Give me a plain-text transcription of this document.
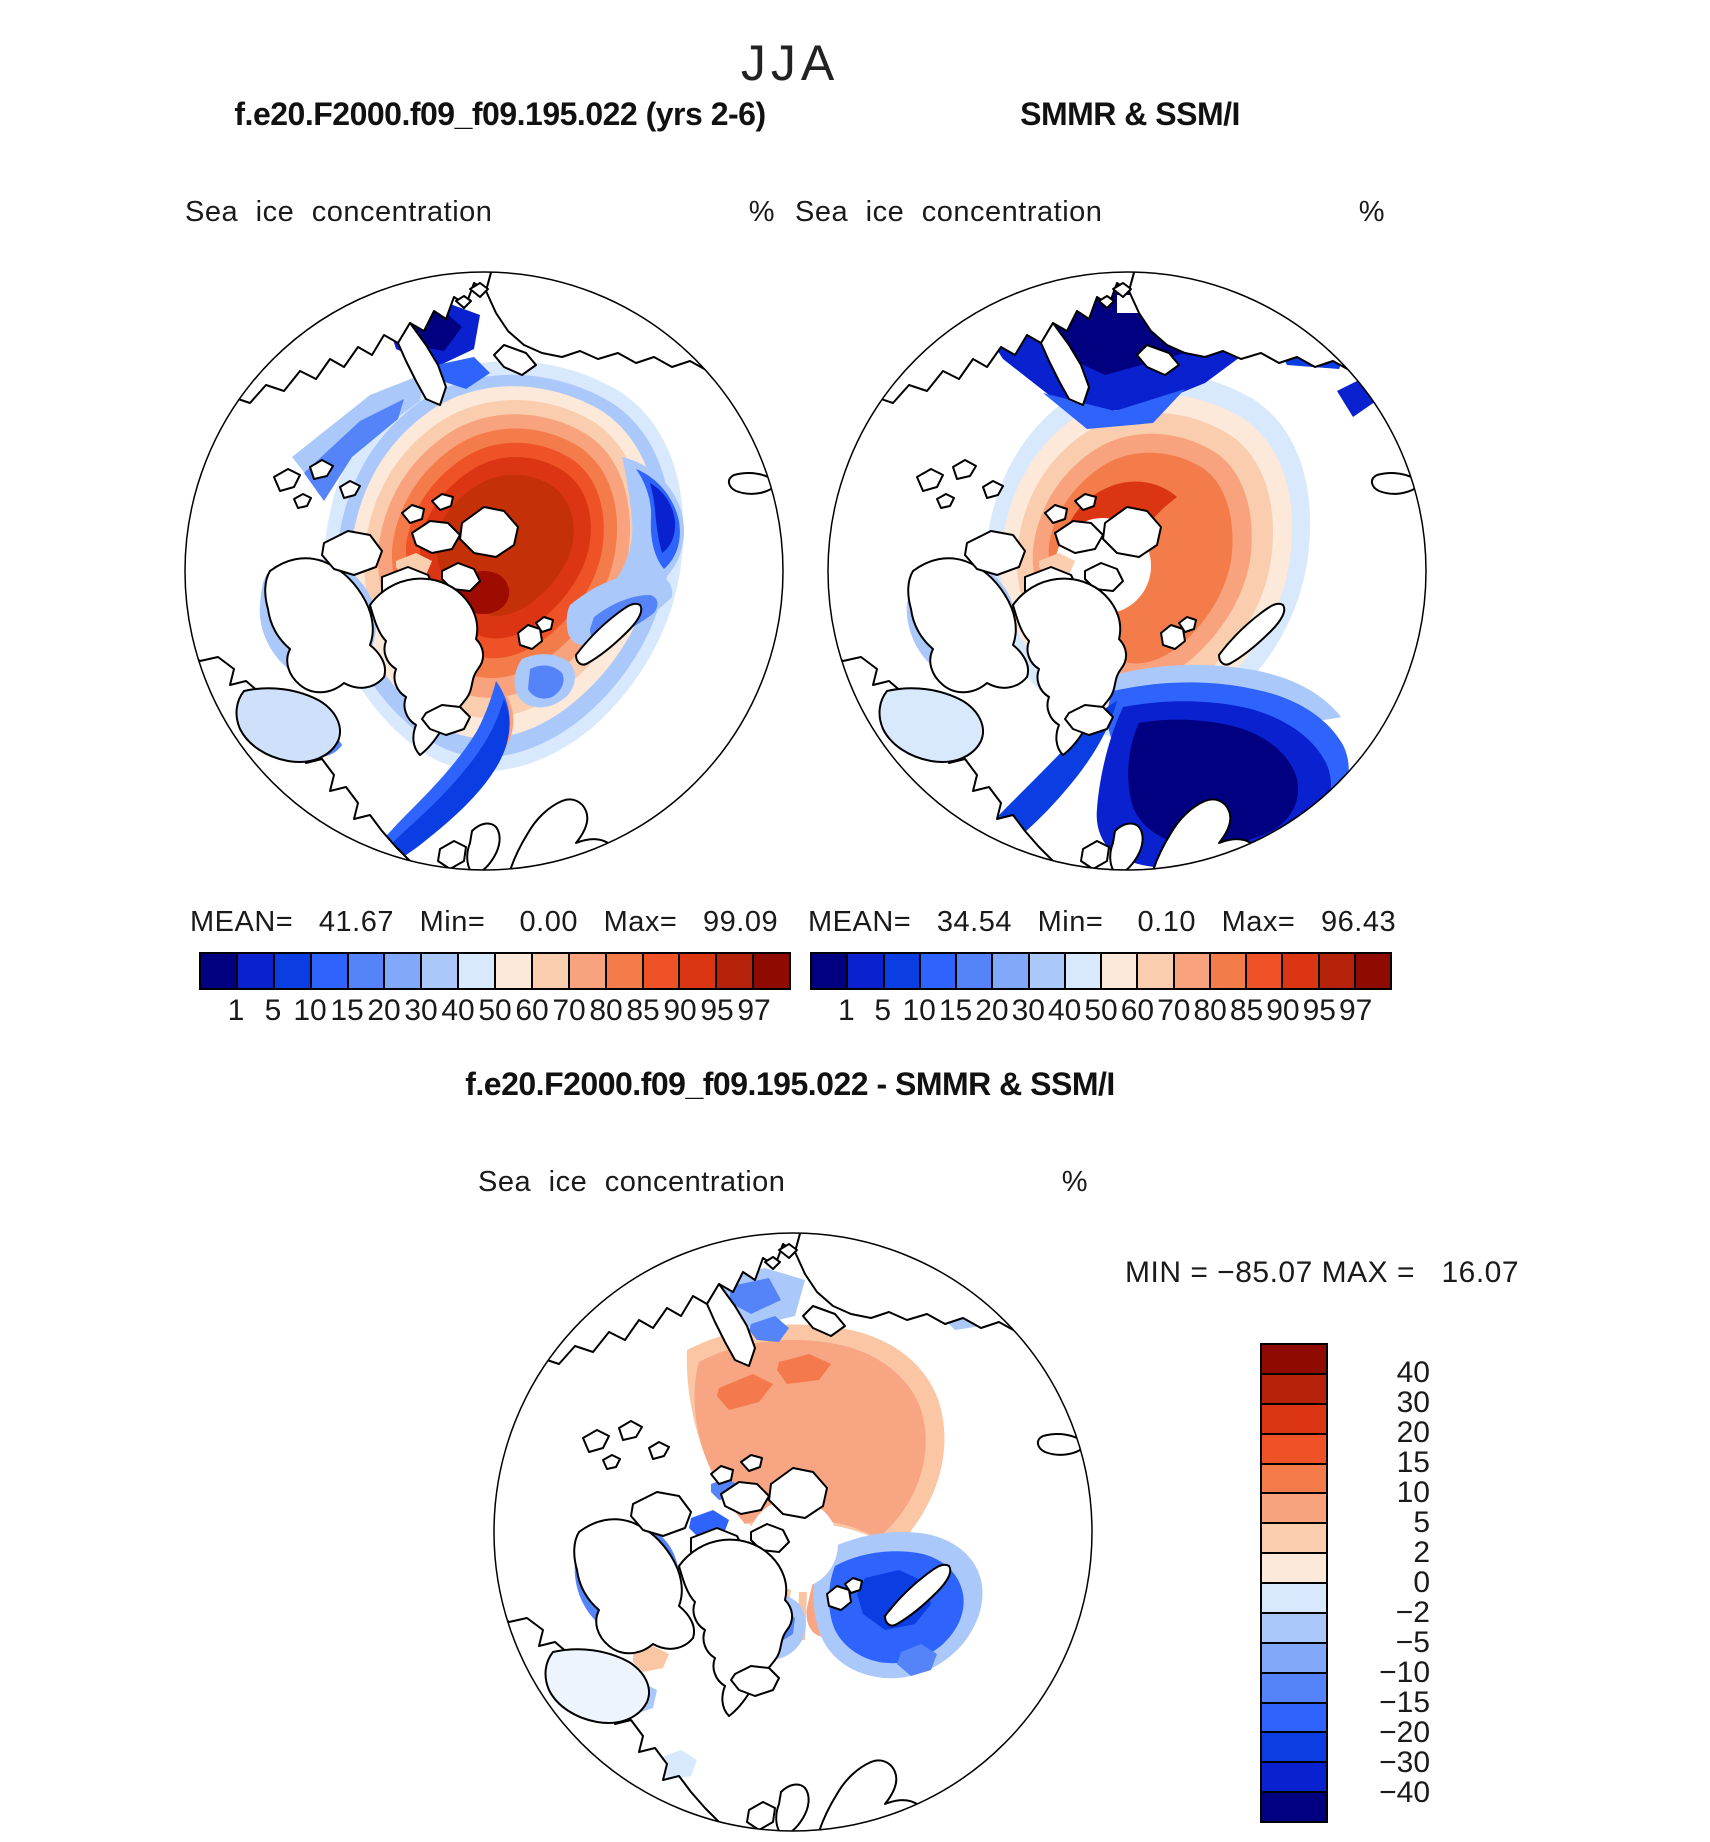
JJA
f.e20.F2000.f09_f09.195.022 (yrs 2-6)	SMMR & SSM/I
Sea ice concentration	% Sea ice concentration	%
MEAN=   41.67   Min=    0.00   Max=   99.09 MEAN=   34.54   Min=    0.10   Max=   96.43
f.e20.F2000.f09_f09.195.022 - SMMR & SSM/I
Sea ice concentration	%
MIN = −85.07 MAX =   16.07
1 5 10 15 20 30 40 50 60 70 80 85 90 95 97 1 5 10 15 20 30 40 50 60 70 80 85 90 95 97
40
30
20
15
10
5
2
0
−2
−5
−10
−15
−20
−30
−40
